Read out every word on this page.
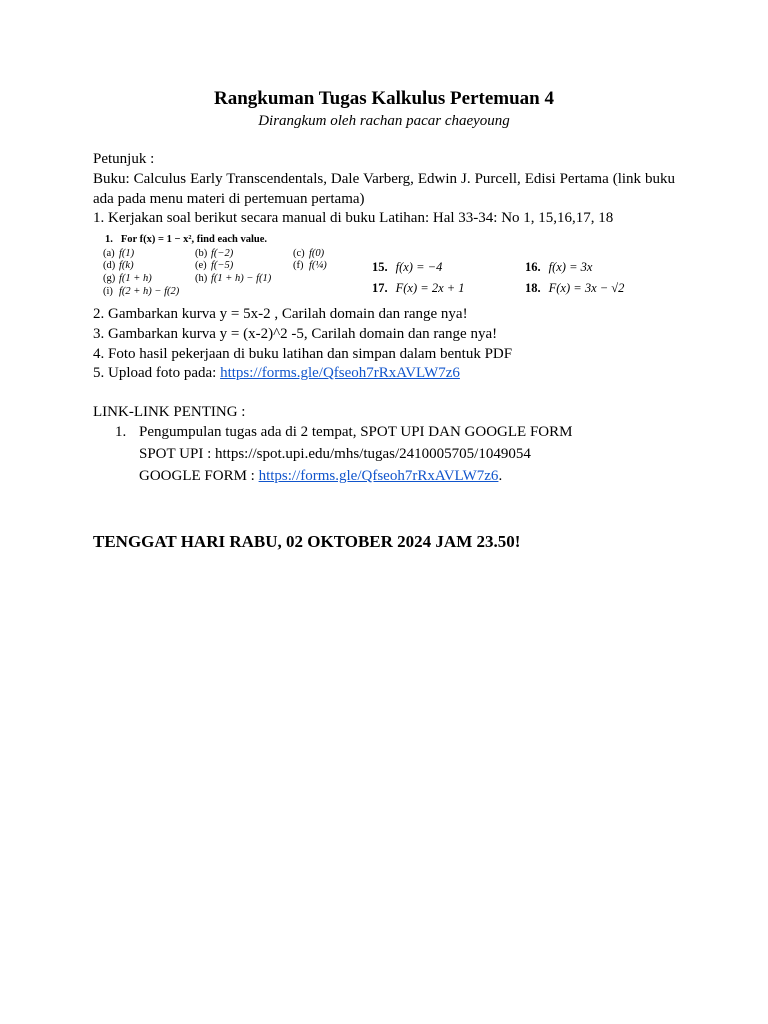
Rangkuman Tugas Kalkulus Pertemuan 4
Dirangkum oleh rachan pacar chaeyoung
Petunjuk :
Buku: Calculus Early Transcendentals, Dale Varberg, Edwin J. Purcell, Edisi Pertama (link buku ada pada menu materi di pertemuan pertama)
1. Kerjakan soal berikut secara manual di buku Latihan: Hal 33-34: No 1, 15,16,17, 18
1. For f(x) = 1 − x², find each value.
(a) f(1)	(b) f(−2)	(c) f(0)
(d) f(k)	(e) f(−5)	(f) f(¼)
(g) f(1 + h)	(h) f(1 + h) − f(1)
(i) f(2 + h) − f(2)
15. f(x) = −4	16. f(x) = 3x
17. F(x) = 2x + 1	18. F(x) = 3x − √2
2. Gambarkan kurva y = 5x-2 , Carilah domain dan range nya!
3. Gambarkan kurva y = (x-2)^2 -5, Carilah domain dan range nya!
4. Foto hasil pekerjaan di buku latihan dan simpan dalam bentuk PDF
5. Upload foto pada: https://forms.gle/Qfseoh7rRxAVLW7z6
LINK-LINK PENTING :
1. Pengumpulan tugas ada di 2 tempat, SPOT UPI DAN GOOGLE FORM
SPOT UPI : https://spot.upi.edu/mhs/tugas/2410005705/1049054
GOOGLE FORM : https://forms.gle/Qfseoh7rRxAVLW7z6.
TENGGAT HARI RABU, 02 OKTOBER 2024 JAM 23.50!
